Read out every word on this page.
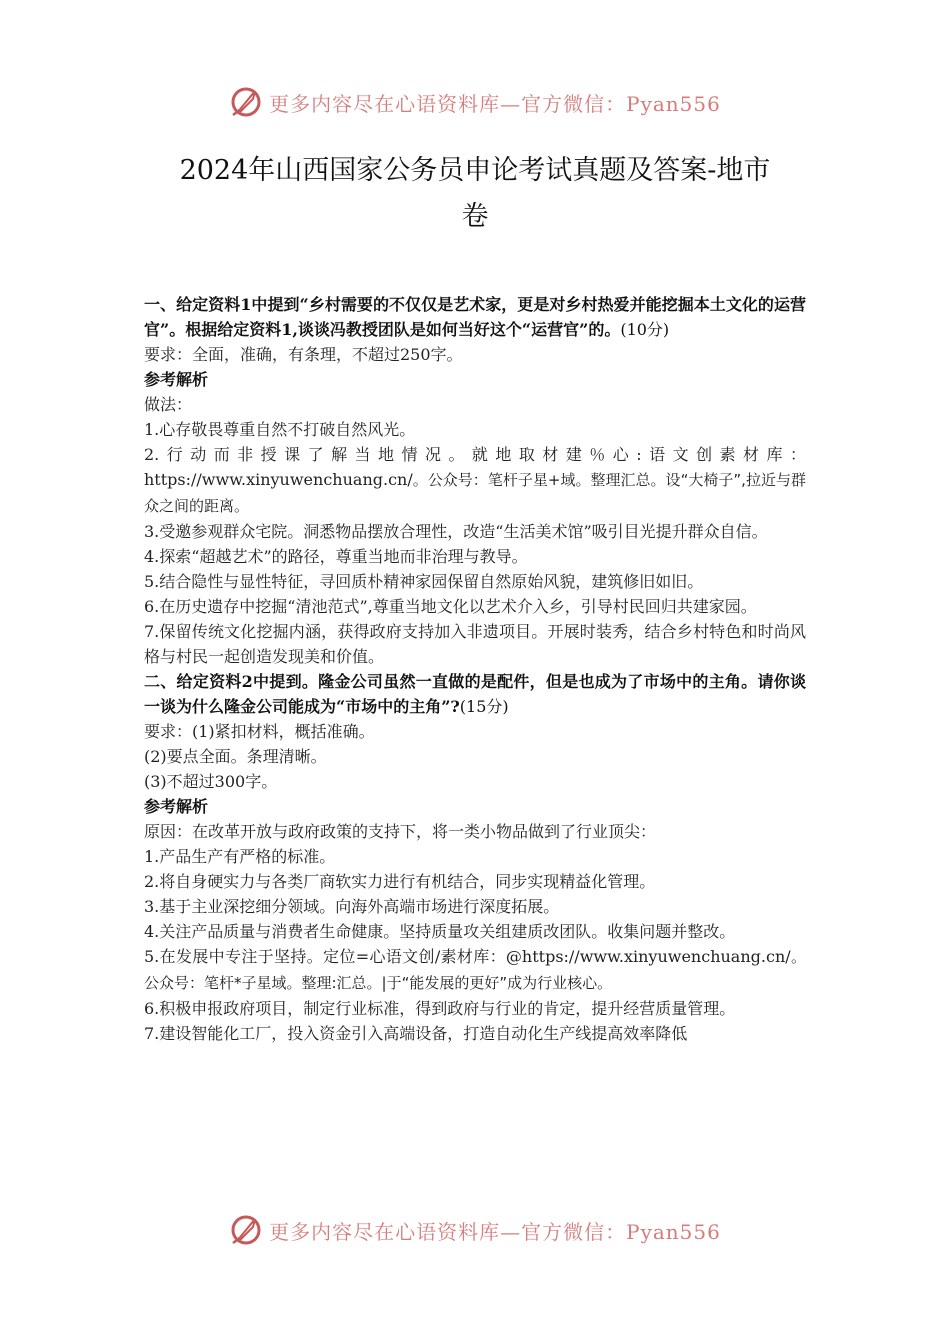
更多内容尽在心语资料库—官方微信：Pyan556
2024年山西国家公务员申论考试真题及答案-地市
卷

一、给定资料1中提到“乡村需要的不仅仅是艺术家，更是对乡村热爱并能挖掘本土文化的运营官”。根据给定资料1,谈谈冯教授团队是如何当好这个“运营官”的。(10分)

要求：全面，准确，有条理，不超过250字。

参考解析

做法：

1.心存敬畏尊重自然不打破自然风光。

2.行动而非授课了解当地情况。就地取材建％心:语文创素材库：https://www.xinyuwenchuang.cn/。公众号：笔杆子星+域。整理汇总。设“大椅子”,拉近与群众之间的距离。

3.受邀参观群众宅院。洞悉物品摆放合理性，改造“生活美术馆”吸引目光提升群众自信。

4.探索“超越艺术”的路径，尊重当地而非治理与教导。

5.结合隐性与显性特征，寻回质朴精神家园保留自然原始风貌，建筑修旧如旧。

6.在历史遗存中挖掘“清池范式”,尊重当地文化以艺术介入乡，引导村民回归共建家园。

7.保留传统文化挖掘内涵，获得政府支持加入非遗项目。开展时装秀，结合乡村特色和时尚风格与村民一起创造发现美和价值。

二、给定资料2中提到。隆金公司虽然一直做的是配件，但是也成为了市场中的主角。请你谈一谈为什么隆金公司能成为“市场中的主角”?(15分)

要求：(1)紧扣材料，概括准确。

(2)要点全面。条理清晰。

(3)不超过300字。

参考解析

原因：在改革开放与政府政策的支持下，将一类小物品做到了行业顶尖：

1.产品生产有严格的标准。

2.将自身硬实力与各类厂商软实力进行有机结合，同步实现精益化管理。

3.基于主业深挖细分领域。向海外高端市场进行深度拓展。

4.关注产品质量与消费者生命健康。坚持质量攻关组建质改团队。收集问题并整改。

5.在发展中专注于坚持。定位=心语文创/素材库：@https://www.xinyuwenchuang.cn/。公众号：笔杆*子星域。整理:汇总。|于“能发展的更好”成为行业核心。

6.积极申报政府项目，制定行业标准，得到政府与行业的肯定，提升经营质量管理。

7.建设智能化工厂，投入资金引入高端设备，打造自动化生产线提高效率降低

更多内容尽在心语资料库—官方微信：Pyan556
